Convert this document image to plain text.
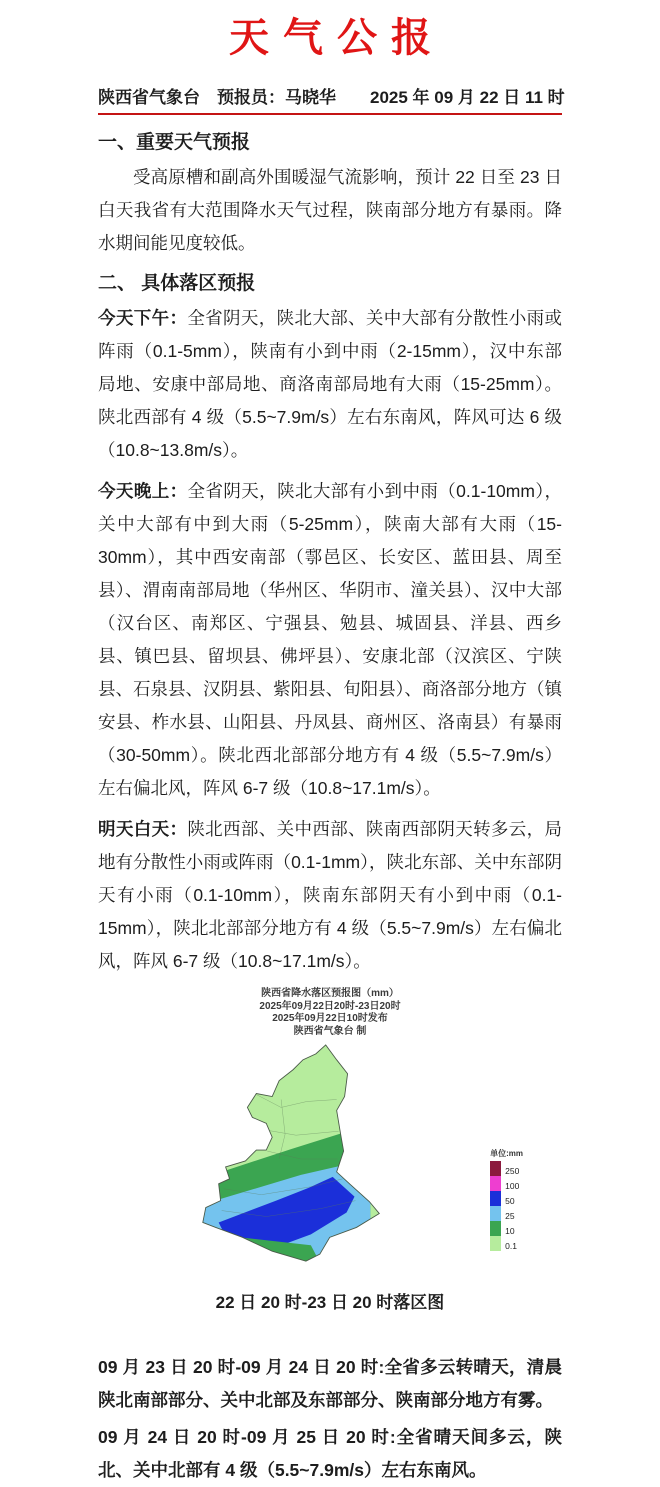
天气公报
陕西省气象台　预报员：马晓华　　2025 年 09 月 22 日 11 时
一、重要天气预报

受高原槽和副高外围暖湿气流影响，预计 22 日至 23 日白天我省有大范围降水天气过程，陕南部分地方有暴雨。降水期间能见度较低。

二、 具体落区预报

今天下午：全省阴天，陕北大部、关中大部有分散性小雨或阵雨（0.1-5mm），陕南有小到中雨（2-15mm），汉中东部局地、安康中部局地、商洛南部局地有大雨（15-25mm）。陕北西部有 4 级（5.5~7.9m/s）左右东南风，阵风可达 6 级（10.8~13.8m/s）。

今天晚上：全省阴天，陕北大部有小到中雨（0.1-10mm），关中大部有中到大雨（5-25mm），陕南大部有大雨（15-30mm），其中西安南部（鄠邑区、长安区、蓝田县、周至县）、渭南南部局地（华州区、华阴市、潼关县）、汉中大部（汉台区、南郑区、宁强县、勉县、城固县、洋县、西乡县、镇巴县、留坝县、佛坪县）、安康北部（汉滨区、宁陕县、石泉县、汉阴县、紫阳县、旬阳县）、商洛部分地方（镇安县、柞水县、山阳县、丹凤县、商州区、洛南县）有暴雨（30-50mm）。陕北西北部部分地方有 4 级（5.5~7.9m/s）左右偏北风，阵风 6-7 级（10.8~17.1m/s）。

明天白天：陕北西部、关中西部、陕南西部阴天转多云，局地有分散性小雨或阵雨（0.1-1mm），陕北东部、关中东部阴天有小雨（0.1-10mm），陕南东部阴天有小到中雨（0.1-15mm），陕北北部部分地方有 4 级（5.5~7.9m/s）左右偏北风，阵风 6-7 级（10.8~17.1m/s）。

陕西省降水落区预报图（mm）
2025年09月22日20时-23日20时
2025年09月22日10时发布
陕西省气象台 制
单位:mm
250
100
50
25
10
0.1
22 日 20 时-23 日 20 时落区图

09 月 23 日 20 时-09 月 24 日 20 时:全省多云转晴天，清晨陕北南部部分、关中北部及东部部分、陕南部分地方有雾。

09 月 24 日 20 时-09 月 25 日 20 时:全省晴天间多云，陕北、关中北部有 4 级（5.5~7.9m/s）左右东南风。
